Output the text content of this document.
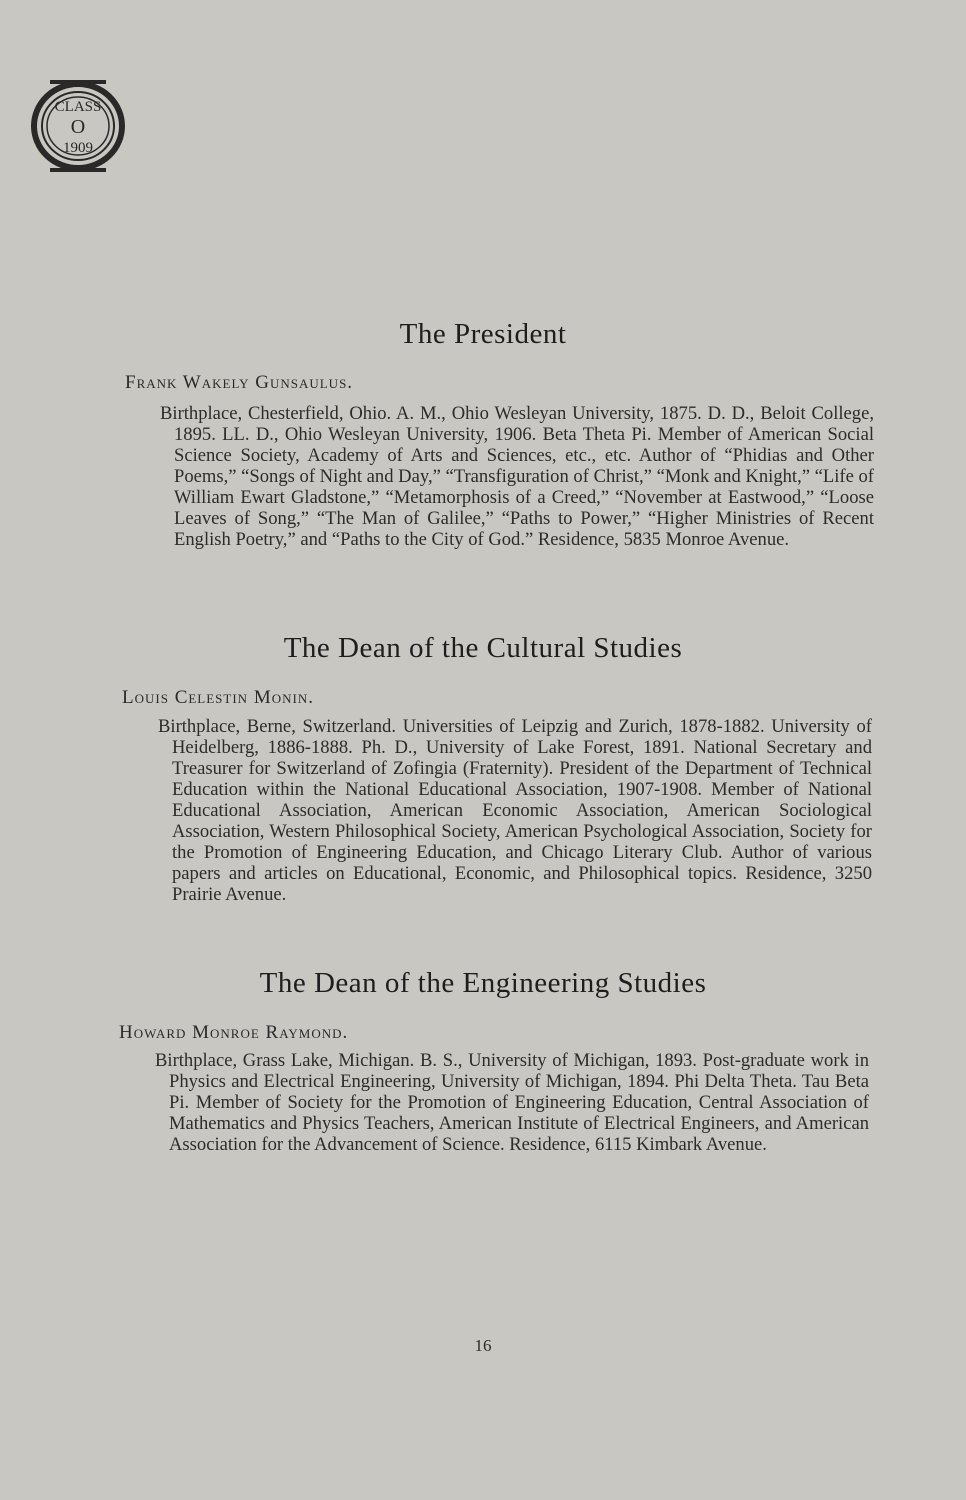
CLASS
O
1909
The President

Frank Wakely Gunsaulus.

Birthplace, Chesterfield, Ohio. A. M., Ohio Wesleyan University, 1875. D. D., Beloit College, 1895. LL. D., Ohio Wesleyan University, 1906. Beta Theta Pi. Member of American Social Science Society, Academy of Arts and Sciences, etc., etc. Author of “Phidias and Other Poems,” “Songs of Night and Day,” “Transfiguration of Christ,” “Monk and Knight,” “Life of William Ewart Gladstone,” “Metamorphosis of a Creed,” “November at Eastwood,” “Loose Leaves of Song,” “The Man of Galilee,” “Paths to Power,” “Higher Ministries of Recent English Poetry,” and “Paths to the City of God.” Residence, 5835 Monroe Avenue.

The Dean of the Cultural Studies

Louis Celestin Monin.

Birthplace, Berne, Switzerland. Universities of Leipzig and Zurich, 1878-1882. University of Heidelberg, 1886-1888. Ph. D., University of Lake Forest, 1891. National Secretary and Treasurer for Switzerland of Zofingia (Fraternity). President of the Department of Technical Education within the National Educational Association, 1907-1908. Member of National Educational Association, American Economic Association, American Sociological Association, Western Philosophical Society, American Psychological Association, Society for the Promotion of Engineering Education, and Chicago Literary Club. Author of various papers and articles on Educational, Economic, and Philosophical topics. Residence, 3250 Prairie Avenue.

The Dean of the Engineering Studies

Howard Monroe Raymond.

Birthplace, Grass Lake, Michigan. B. S., University of Michigan, 1893. Post-graduate work in Physics and Electrical Engineering, University of Michigan, 1894. Phi Delta Theta. Tau Beta Pi. Member of Society for the Promotion of Engineering Education, Central Association of Mathematics and Physics Teachers, American Institute of Electrical Engineers, and American Association for the Advancement of Science. Residence, 6115 Kimbark Avenue.

16
